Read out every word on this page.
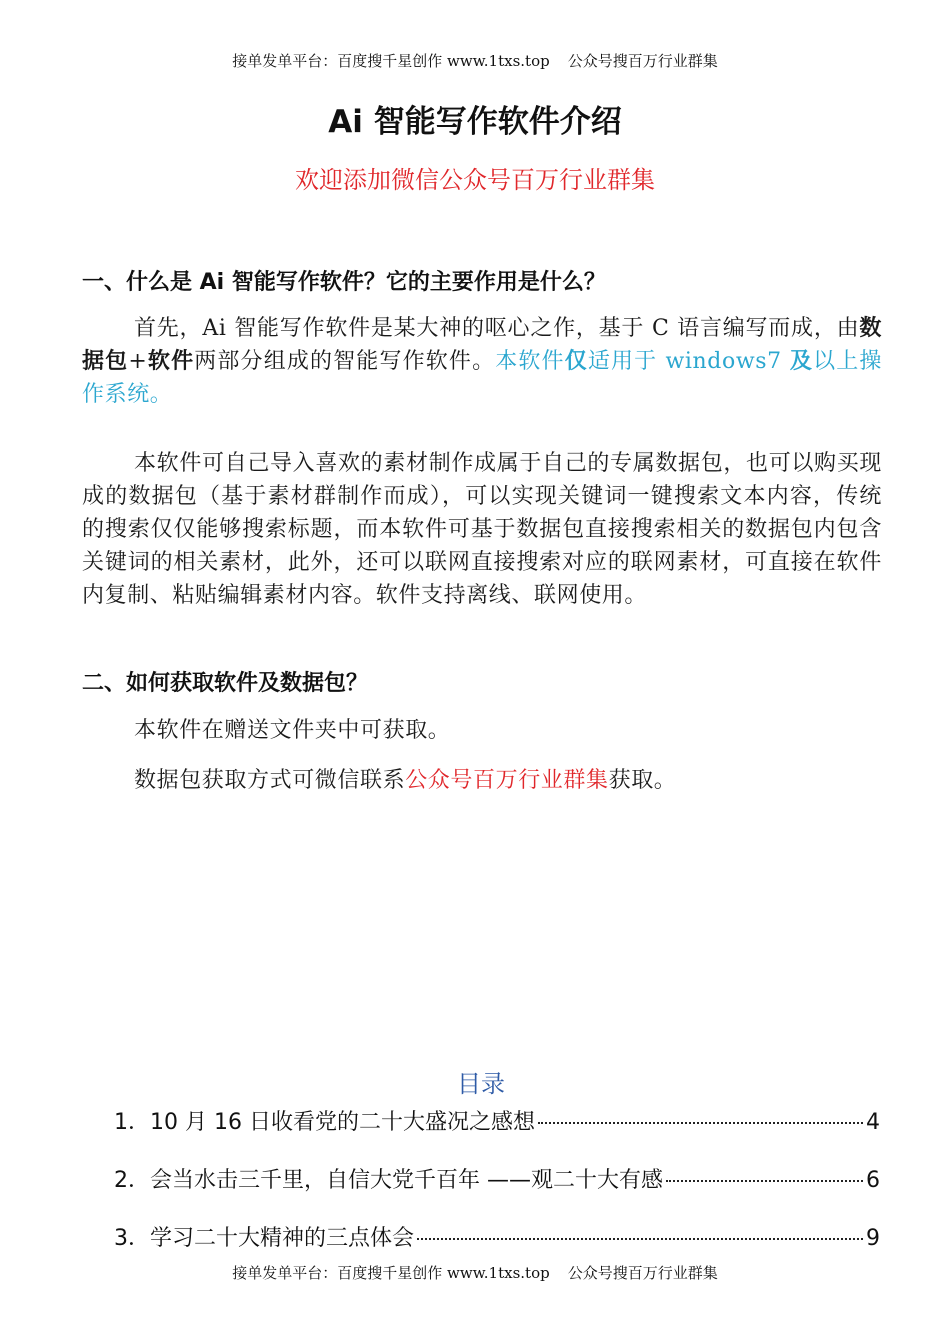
接单发单平台：百度搜千星创作 www.1txs.top 公众号搜百万行业群集
Ai 智能写作软件介绍
欢迎添加微信公众号百万行业群集
一、什么是 Ai 智能写作软件？它的主要作用是什么？
首先，Ai 智能写作软件是某大神的呕心之作，基于 C 语言编写而成，由数据包+软件两部分组成的智能写作软件。本软件仅适用于 windows7 及以上操作系统。
本软件可自己导入喜欢的素材制作成属于自己的专属数据包，也可以购买现成的数据包（基于素材群制作而成），可以实现关键词一键搜索文本内容，传统的搜索仅仅能够搜索标题，而本软件可基于数据包直接搜索相关的数据包内包含关键词的相关素材，此外，还可以联网直接搜索对应的联网素材，可直接在软件内复制、粘贴编辑素材内容。软件支持离线、联网使用。
二、如何获取软件及数据包？
本软件在赠送文件夹中可获取。
数据包获取方式可微信联系公众号百万行业群集获取。
目录
1． 10 月 16 日收看党的二十大盛况之感想	4
2． 会当水击三千里，自信大党千百年 ——观二十大有感	6
3． 学习二十大精神的三点体会	9
接单发单平台：百度搜千星创作 www.1txs.top 公众号搜百万行业群集
